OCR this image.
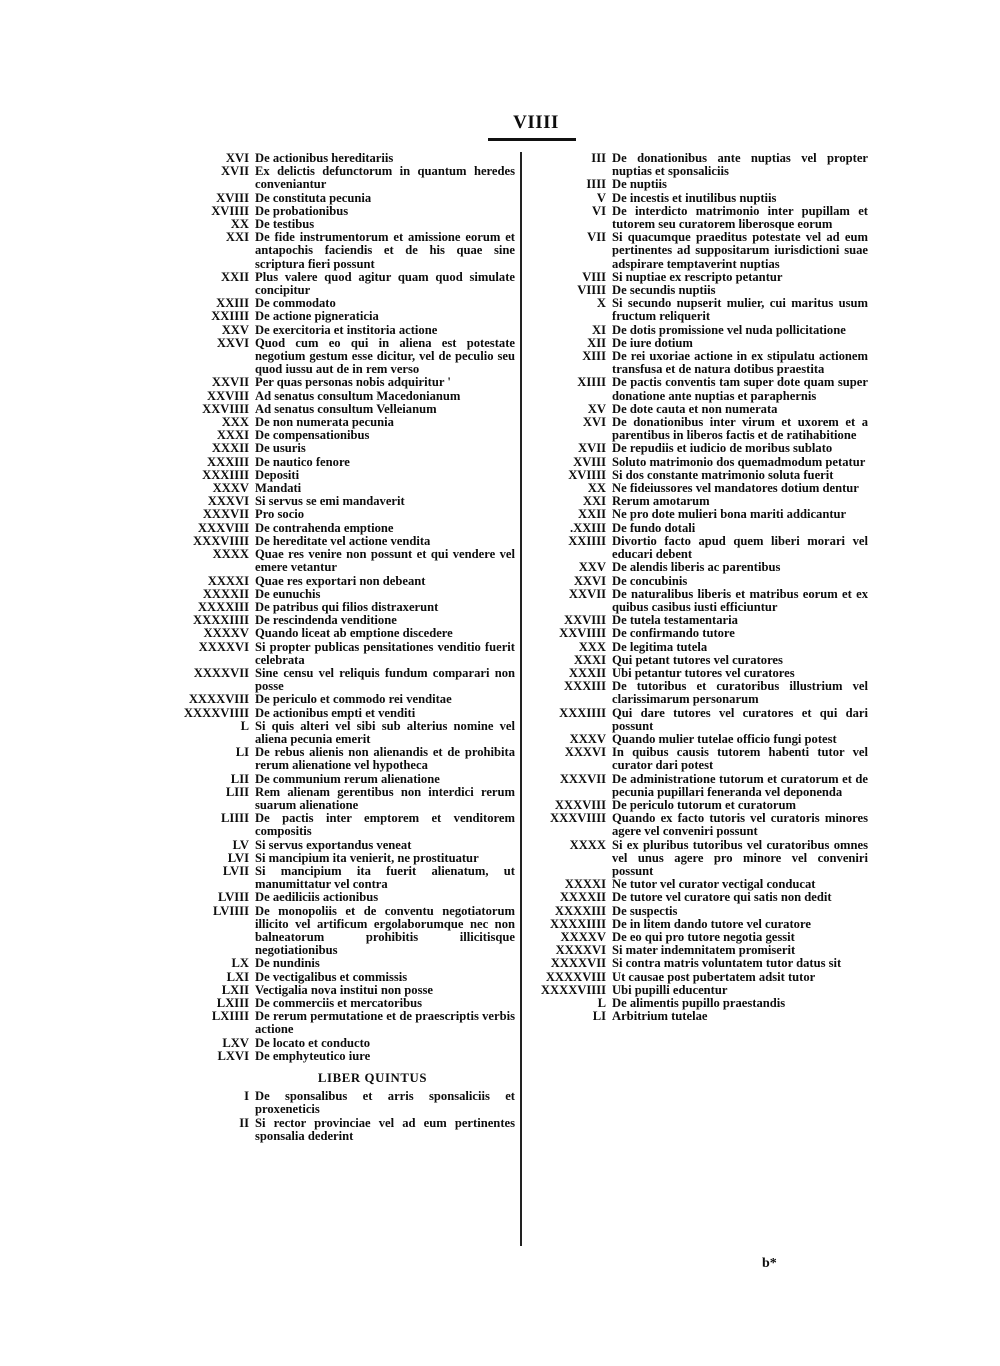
VIIII
XVI De actionibus hereditariis
XVII Ex delictis defunctorum in quantum heredes conveniantur
XVIII De constituta pecunia
XVIIII De probationibus
XX De testibus
XXI De fide instrumentorum et amissione eorum et antapochis faciendis et de his quae sine scriptura fieri possunt
XXII Plus valere quod agitur quam quod simulate concipitur
XXIII De commodato
XXIIII De actione pigneraticia
XXV De exercitoria et institoria actione
XXVI Quod cum eo qui in aliena est potestate negotium gestum esse dicitur, vel de peculio seu quod iussu aut de in rem verso
XXVII Per quas personas nobis adquiritur '
XXVIII Ad senatus consultum Macedonianum
XXVIIII Ad senatus consultum Velleianum
XXX De non numerata pecunia
XXXI De compensationibus
XXXII De usuris
XXXIII De nautico fenore
XXXIIII Depositi
XXXV Mandati
XXXVI Si servus se emi mandaverit
XXXVII Pro socio
XXXVIII De contrahenda emptione
XXXVIIII De hereditate vel actione vendita
XXXX Quae res venire non possunt et qui vendere vel emere vetantur
XXXXI Quae res exportari non debeant
XXXXII De eunuchis
XXXXIII De patribus qui filios distraxerunt
XXXXIIII De rescindenda venditione
XXXXV Quando liceat ab emptione discedere
XXXXVI Si propter publicas pensitationes venditio fuerit celebrata
XXXXVII Sine censu vel reliquis fundum comparari non posse
XXXXVIII De periculo et commodo rei venditae
XXXXVIIII De actionibus empti et venditi
L Si quis alteri vel sibi sub alterius nomine vel aliena pecunia emerit
LI De rebus alienis non alienandis et de prohibita rerum alienatione vel hypotheca
LII De communium rerum alienatione
LIII Rem alienam gerentibus non interdici rerum suarum alienatione
LIIII De pactis inter emptorem et venditorem compositis
LV Si servus exportandus veneat
LVI Si mancipium ita venierit, ne prostituatur
LVII Si mancipium ita fuerit alienatum, ut manumittatur vel contra
LVIII De aediliciis actionibus
LVIIII De monopoliis et de conventu negotiatorum illicito vel artificum ergolaborumque nec non balneatorum prohibitis illicitisque negotiationibus
LX De nundinis
LXI De vectigalibus et commissis
LXII Vectigalia nova institui non posse
LXIII De commerciis et mercatoribus
LXIIII De rerum permutatione et de praescriptis verbis actione
LXV De locato et conducto
LXVI De emphyteutico iure
LIBER QUINTUS
I De sponsalibus et arris sponsaliciis et proxeneticis
II Si rector provinciae vel ad eum pertinentes sponsalia dederint
III De donationibus ante nuptias vel propter nuptias et sponsaliciis
IIII De nuptiis
V De incestis et inutilibus nuptiis
VI De interdicto matrimonio inter pupillam et tutorem seu curatorem liberosque eorum
VII Si quacumque praeditus potestate vel ad eum pertinentes ad suppositarum iurisdictioni suae adspirare temptaverint nuptias
VIII Si nuptiae ex rescripto petantur
VIIII De secundis nuptiis
X Si secundo nupserit mulier, cui maritus usum fructum reliquerit
XI De dotis promissione vel nuda pollicitatione
XII De iure dotium
XIII De rei uxoriae actione in ex stipulatu actionem transfusa et de natura dotibus praestita
XIIII De pactis conventis tam super dote quam super donatione ante nuptias et paraphernis
XV De dote cauta et non numerata
XVI De donationibus inter virum et uxorem et a parentibus in liberos factis et de ratihabitione
XVII De repudiis et iudicio de moribus sublato
XVIII Soluto matrimonio dos quemadmodum petatur
XVIIII Si dos constante matrimonio soluta fuerit
XX Ne fideiussores vel mandatores dotium dentur
XXI Rerum amotarum
XXII Ne pro dote mulieri bona mariti addicantur
.XXIII De fundo dotali
XXIIII Divortio facto apud quem liberi morari vel educari debent
XXV De alendis liberis ac parentibus
XXVI De concubinis
XXVII De naturalibus liberis et matribus eorum et ex quibus casibus iusti efficiuntur
XXVIII De tutela testamentaria
XXVIIII De confirmando tutore
XXX De legitima tutela
XXXI Qui petant tutores vel curatores
XXXII Ubi petantur tutores vel curatores
XXXIII De tutoribus et curatoribus illustrium vel clarissimarum personarum
XXXIIII Qui dare tutores vel curatores et qui dari possunt
XXXV Quando mulier tutelae officio fungi potest
XXXVI In quibus causis tutorem habenti tutor vel curator dari potest
XXXVII De administratione tutorum et curatorum et de pecunia pupillari feneranda vel deponenda
XXXVIII De periculo tutorum et curatorum
XXXVIIII Quando ex facto tutoris vel curatoris minores agere vel conveniri possunt
XXXX Si ex pluribus tutoribus vel curatoribus omnes vel unus agere pro minore vel conveniri possunt
XXXXI Ne tutor vel curator vectigal conducat
XXXXII De tutore vel curatore qui satis non dedit
XXXXIII De suspectis
XXXXIIII De in litem dando tutore vel curatore
XXXXV De eo qui pro tutore negotia gessit
XXXXVI Si mater indemnitatem promiserit
XXXXVII Si contra matris voluntatem tutor datus sit
XXXXVIII Ut causae post pubertatem adsit tutor
XXXXVIIII Ubi pupilli educentur
L De alimentis pupillo praestandis
LI Arbitrium tutelae
b*
